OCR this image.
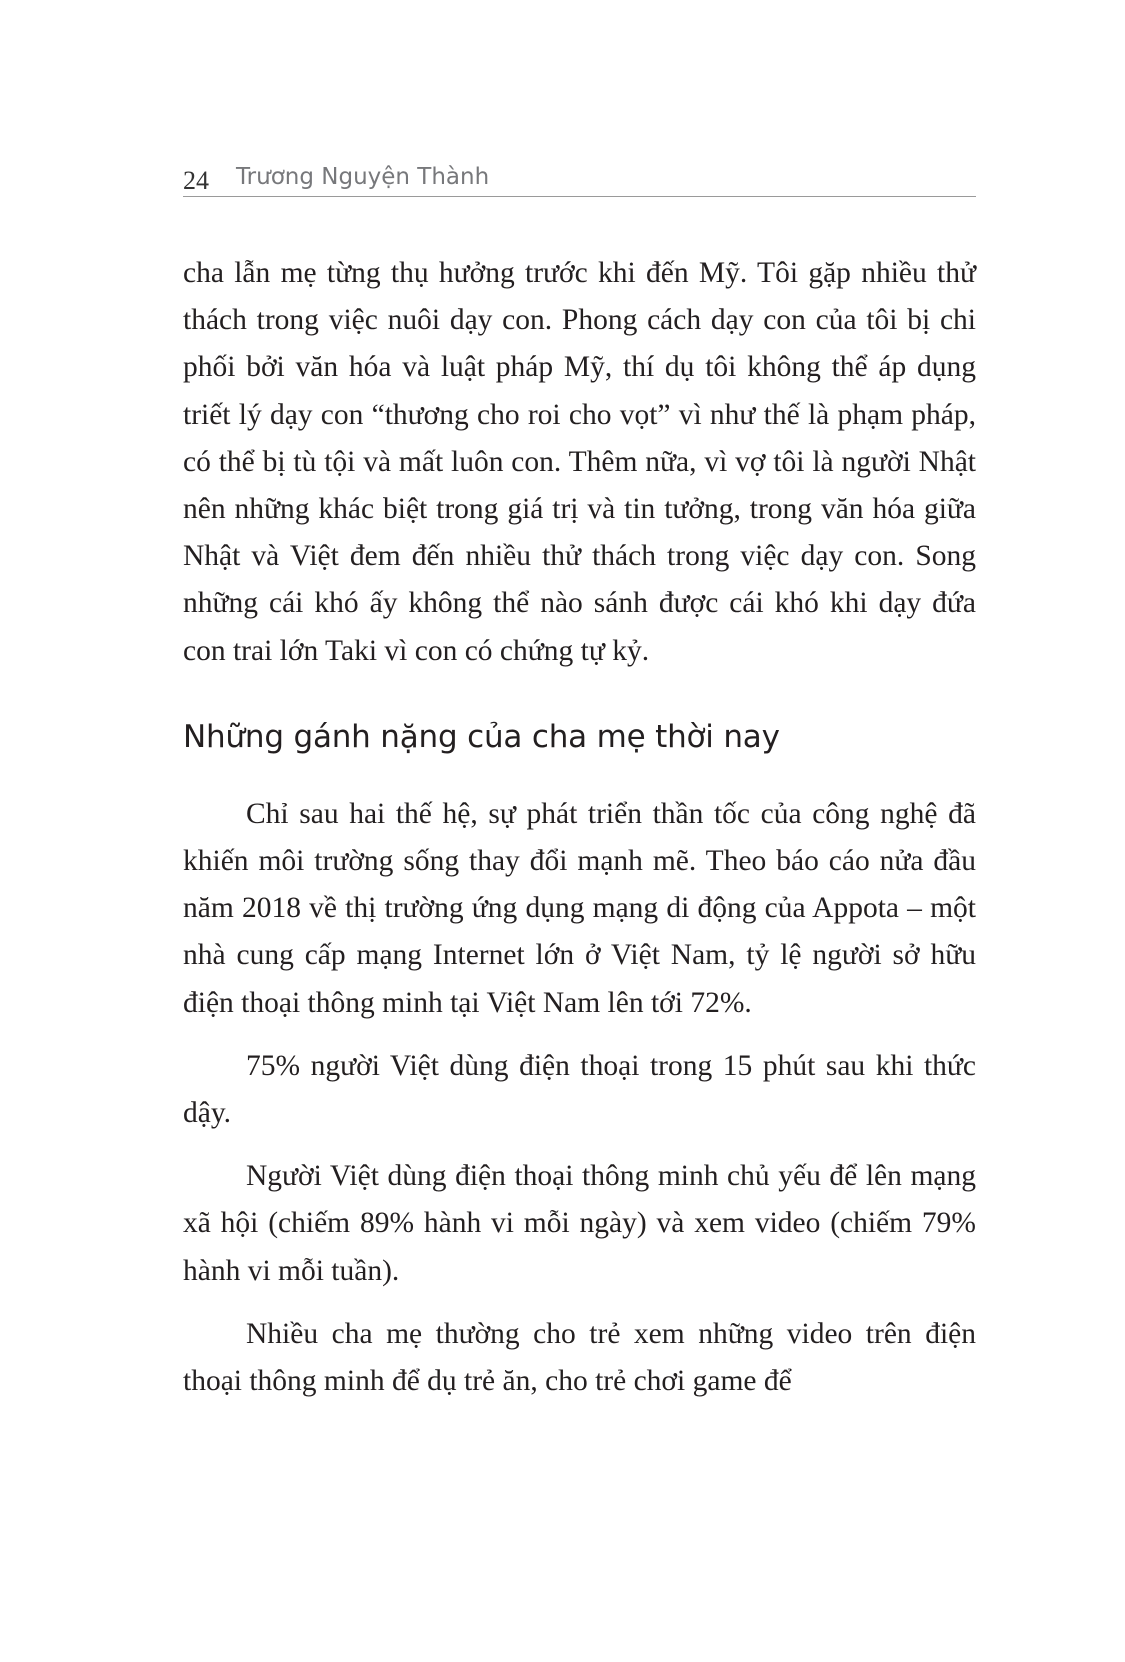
24 Trương Nguyện Thành

cha lẫn mẹ từng thụ hưởng trước khi đến Mỹ. Tôi gặp nhiều thử thách trong việc nuôi dạy con. Phong cách dạy con của tôi bị chi phối bởi văn hóa và luật pháp Mỹ, thí dụ tôi không thể áp dụng triết lý dạy con “thương cho roi cho vọt” vì như thế là phạm pháp, có thể bị tù tội và mất luôn con. Thêm nữa, vì vợ tôi là người Nhật nên những khác biệt trong giá trị và tin tưởng, trong văn hóa giữa Nhật và Việt đem đến nhiều thử thách trong việc dạy con. Song những cái khó ấy không thể nào sánh được cái khó khi dạy đứa con trai lớn Taki vì con có chứng tự kỷ.

Những gánh nặng của cha mẹ thời nay

Chỉ sau hai thế hệ, sự phát triển thần tốc của công nghệ đã khiến môi trường sống thay đổi mạnh mẽ. Theo báo cáo nửa đầu năm 2018 về thị trường ứng dụng mạng di động của Appota – một nhà cung cấp mạng Internet lớn ở Việt Nam, tỷ lệ người sở hữu điện thoại thông minh tại Việt Nam lên tới 72%.

75% người Việt dùng điện thoại trong 15 phút sau khi thức dậy.

Người Việt dùng điện thoại thông minh chủ yếu để lên mạng xã hội (chiếm 89% hành vi mỗi ngày) và xem video (chiếm 79% hành vi mỗi tuần).

Nhiều cha mẹ thường cho trẻ xem những video trên điện thoại thông minh để dụ trẻ ăn, cho trẻ chơi game để
